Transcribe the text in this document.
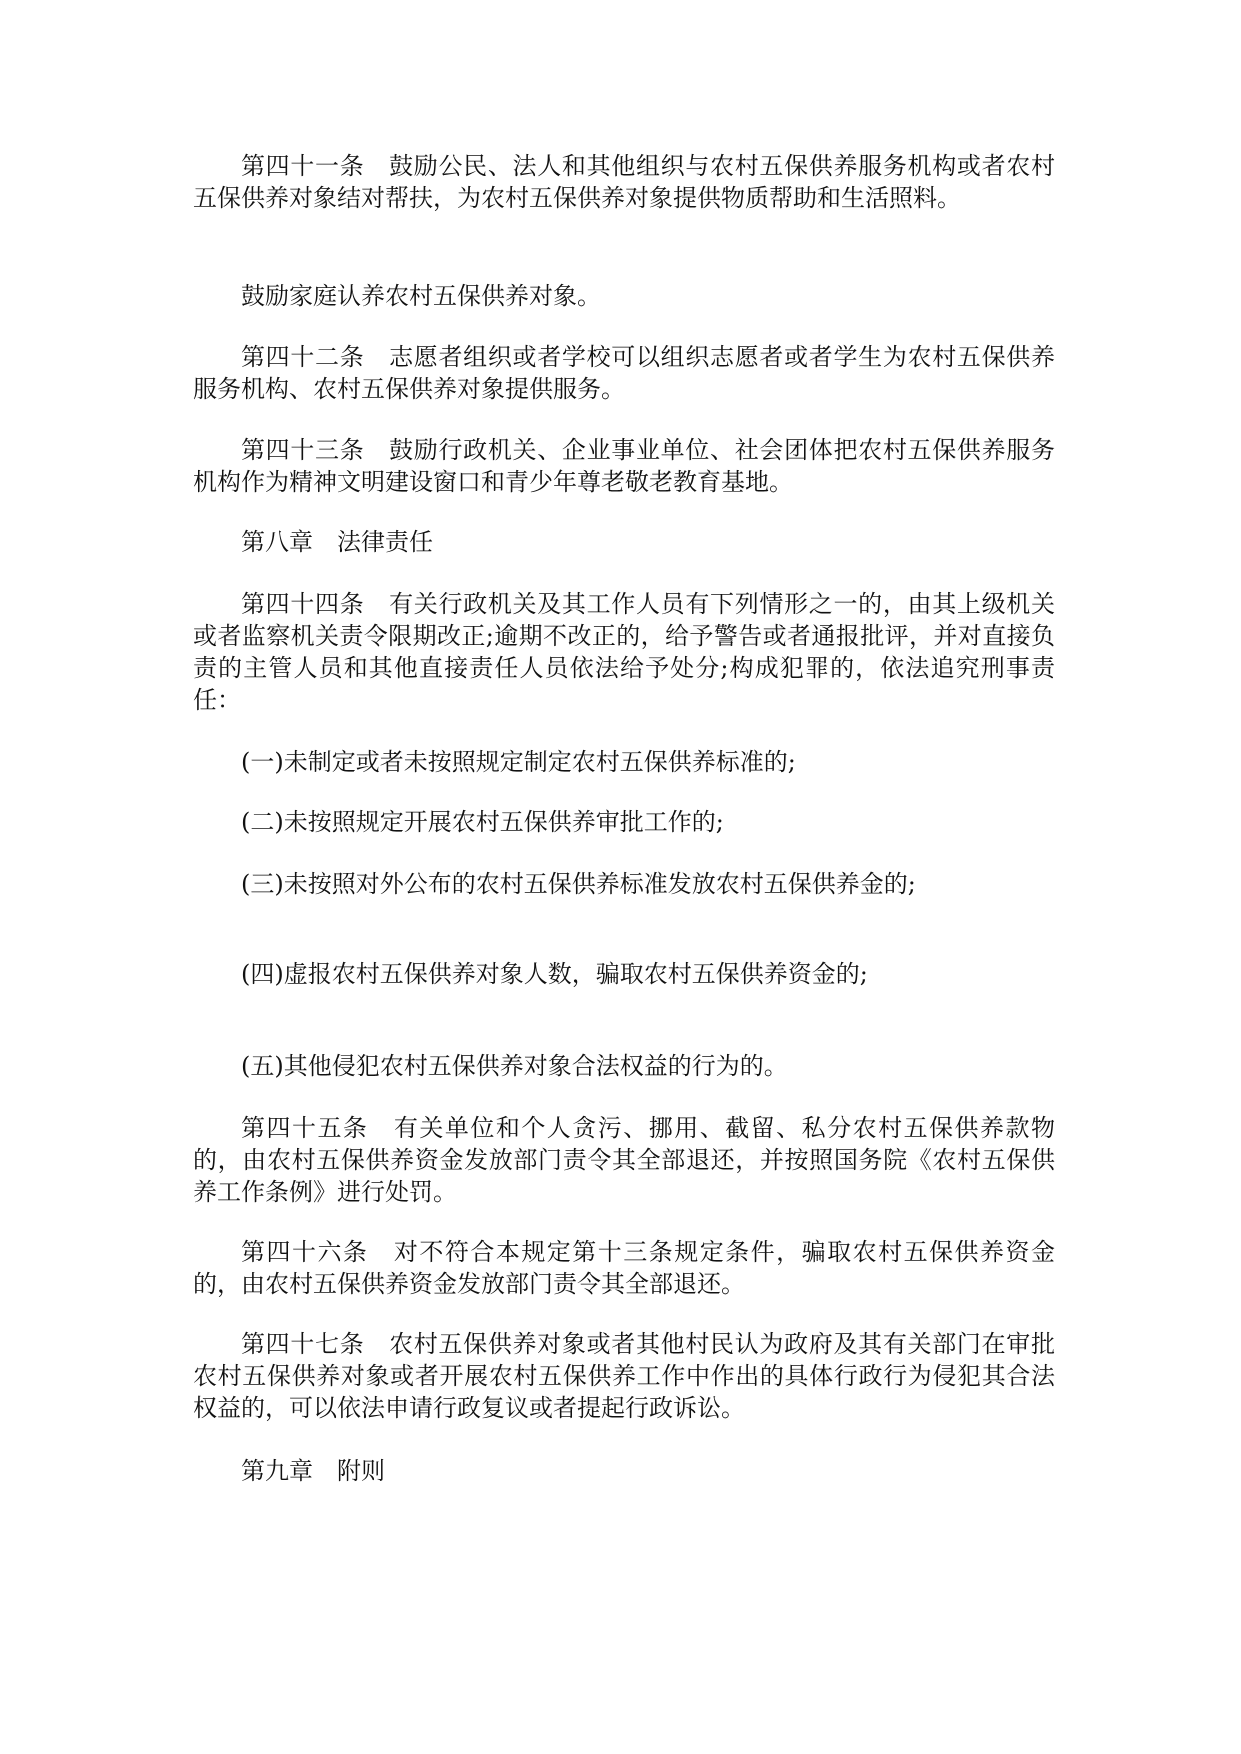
第四十一条　鼓励公民、法人和其他组织与农村五保供养服务机构或者农村五保供养对象结对帮扶，为农村五保供养对象提供物质帮助和生活照料。

鼓励家庭认养农村五保供养对象。

第四十二条　志愿者组织或者学校可以组织志愿者或者学生为农村五保供养服务机构、农村五保供养对象提供服务。

第四十三条　鼓励行政机关、企业事业单位、社会团体把农村五保供养服务机构作为精神文明建设窗口和青少年尊老敬老教育基地。

第八章　法律责任

第四十四条　有关行政机关及其工作人员有下列情形之一的，由其上级机关或者监察机关责令限期改正;逾期不改正的，给予警告或者通报批评，并对直接负责的主管人员和其他直接责任人员依法给予处分;构成犯罪的，依法追究刑事责任：

(一)未制定或者未按照规定制定农村五保供养标准的;

(二)未按照规定开展农村五保供养审批工作的;

(三)未按照对外公布的农村五保供养标准发放农村五保供养金的;

(四)虚报农村五保供养对象人数，骗取农村五保供养资金的;

(五)其他侵犯农村五保供养对象合法权益的行为的。

第四十五条　有关单位和个人贪污、挪用、截留、私分农村五保供养款物的，由农村五保供养资金发放部门责令其全部退还，并按照国务院《农村五保供养工作条例》进行处罚。

第四十六条　对不符合本规定第十三条规定条件，骗取农村五保供养资金的，由农村五保供养资金发放部门责令其全部退还。

第四十七条　农村五保供养对象或者其他村民认为政府及其有关部门在审批农村五保供养对象或者开展农村五保供养工作中作出的具体行政行为侵犯其合法权益的，可以依法申请行政复议或者提起行政诉讼。

第九章　附则
